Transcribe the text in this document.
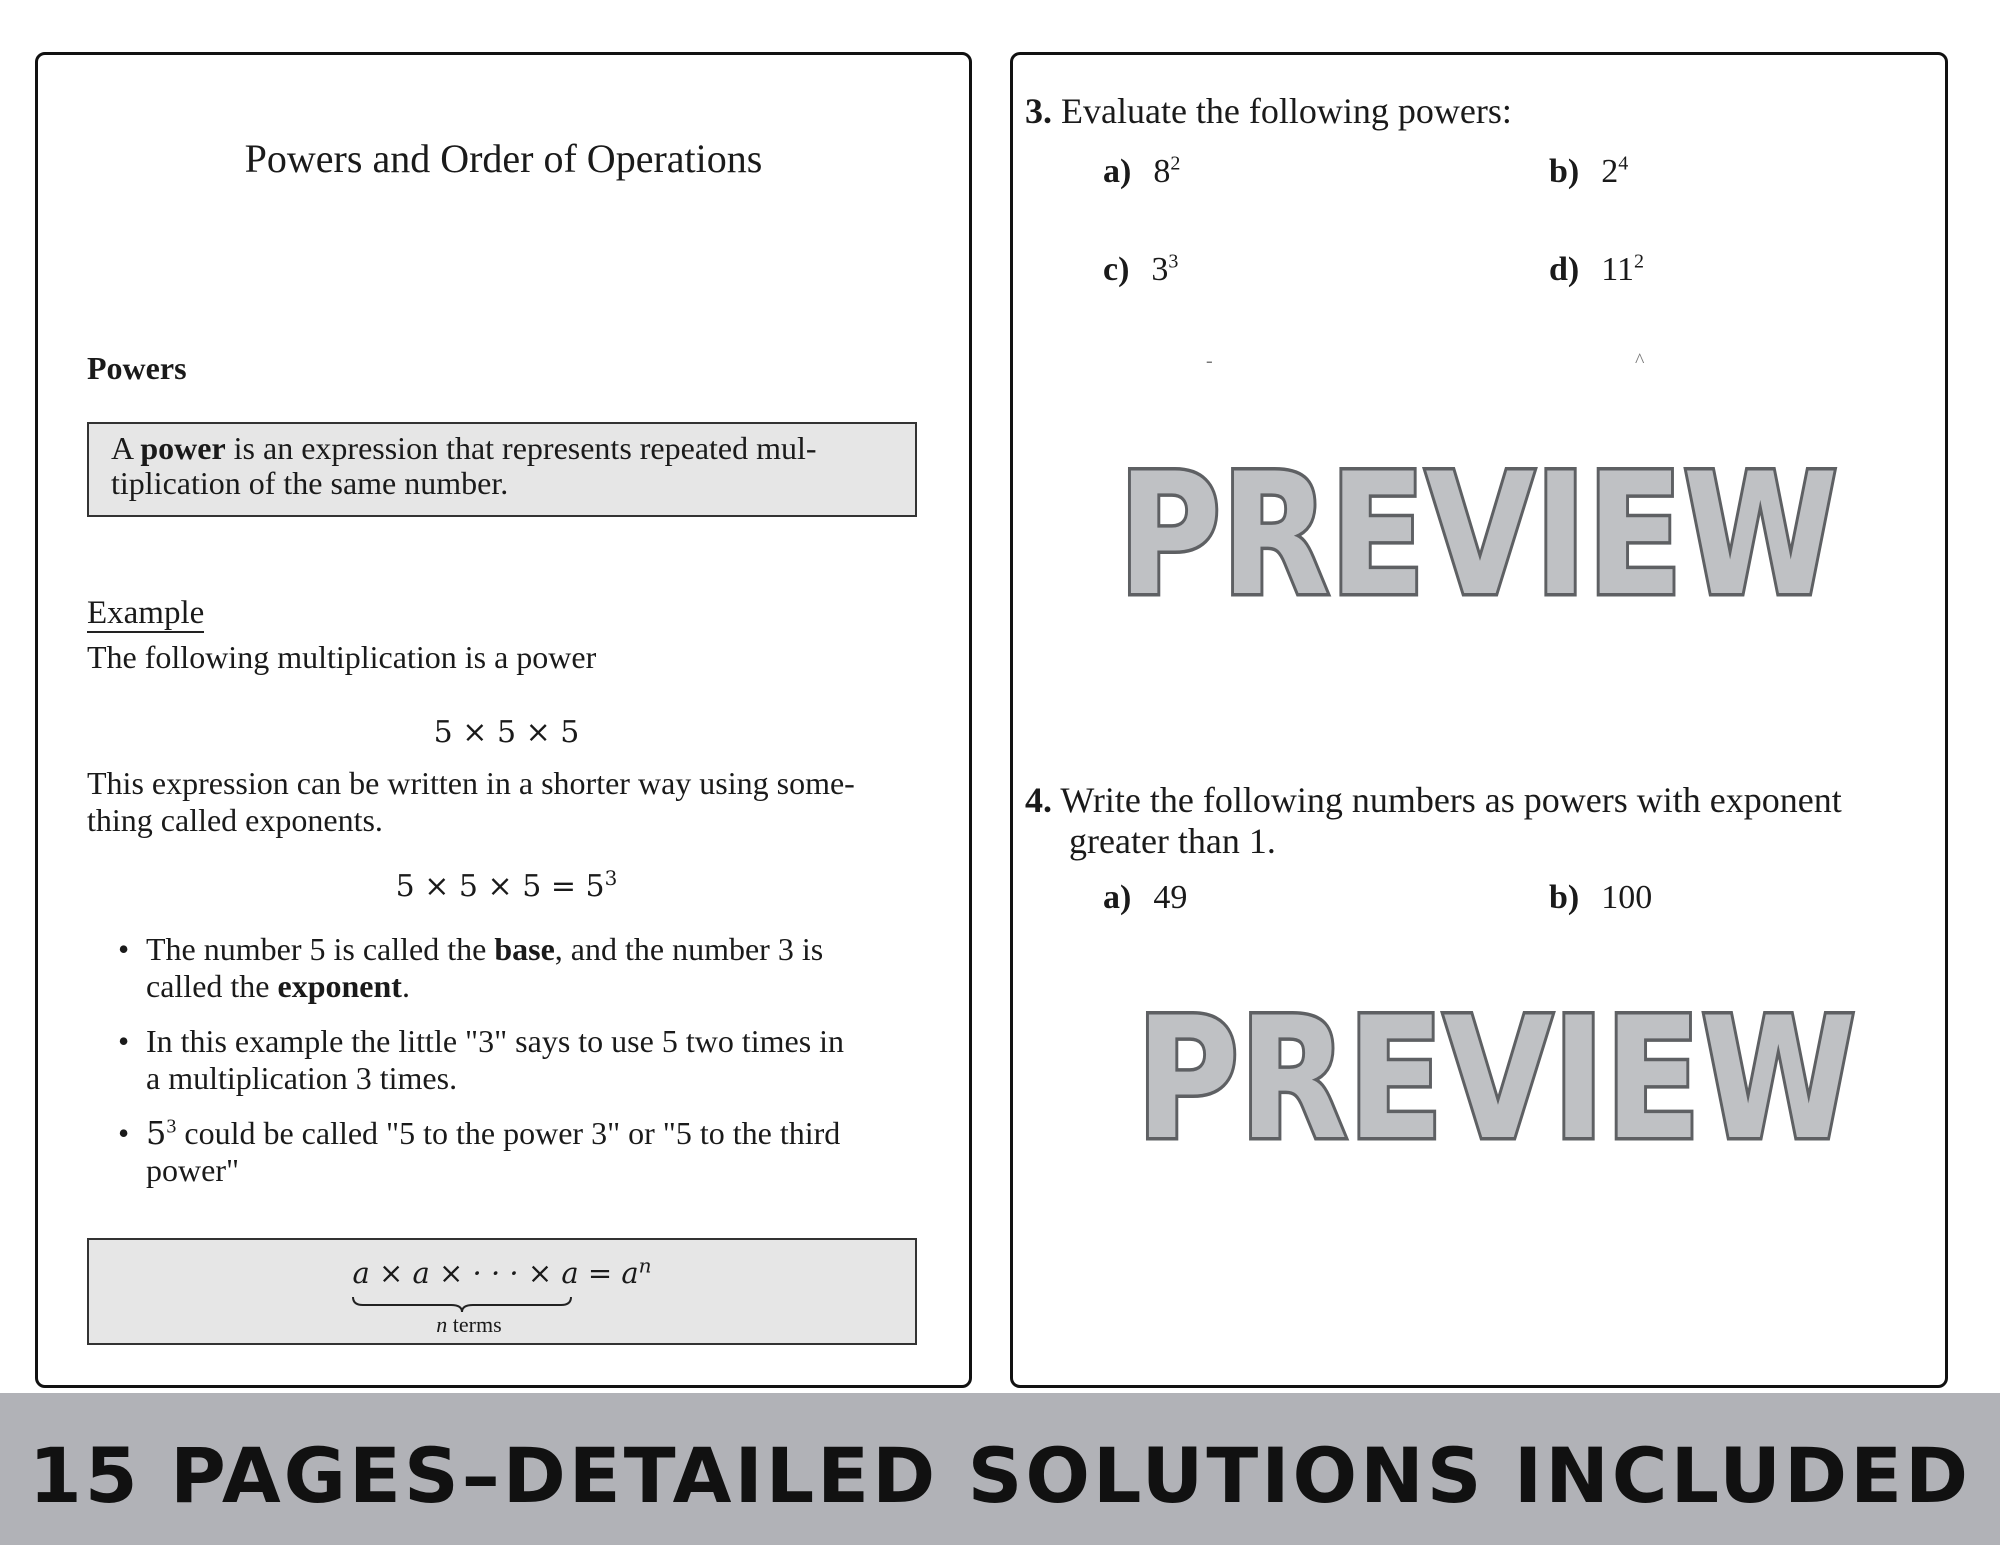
Powers and Order of Operations
Powers
A power is an expression that represents repeated mul-
tiplication of the same number.
Example
The following multiplication is a power
5 × 5 × 5
This expression can be written in a shorter way using some-
thing called exponents.
$5 \times 5 \times 5 = 5^3$
• The number 5 is called the base, and the number 3 is
called the exponent.
• In this example the little "3" says to use 5 two times in
a multiplication 3 times.
• $5^3$ could be called "5 to the power 3" or "5 to the third
power"
a × a × · · · × $a = a^n$
n terms
3. Evaluate the following powers:
a) $8^2$	b) $2^4$
c) $3^3$	d) $11^2$
-	^
PREVIEW
4. Write the following numbers as powers with exponent
greater than 1.
a) 49	b) 100
PREVIEW
15 PAGES–DETAILED SOLUTIONS INCLUDED
